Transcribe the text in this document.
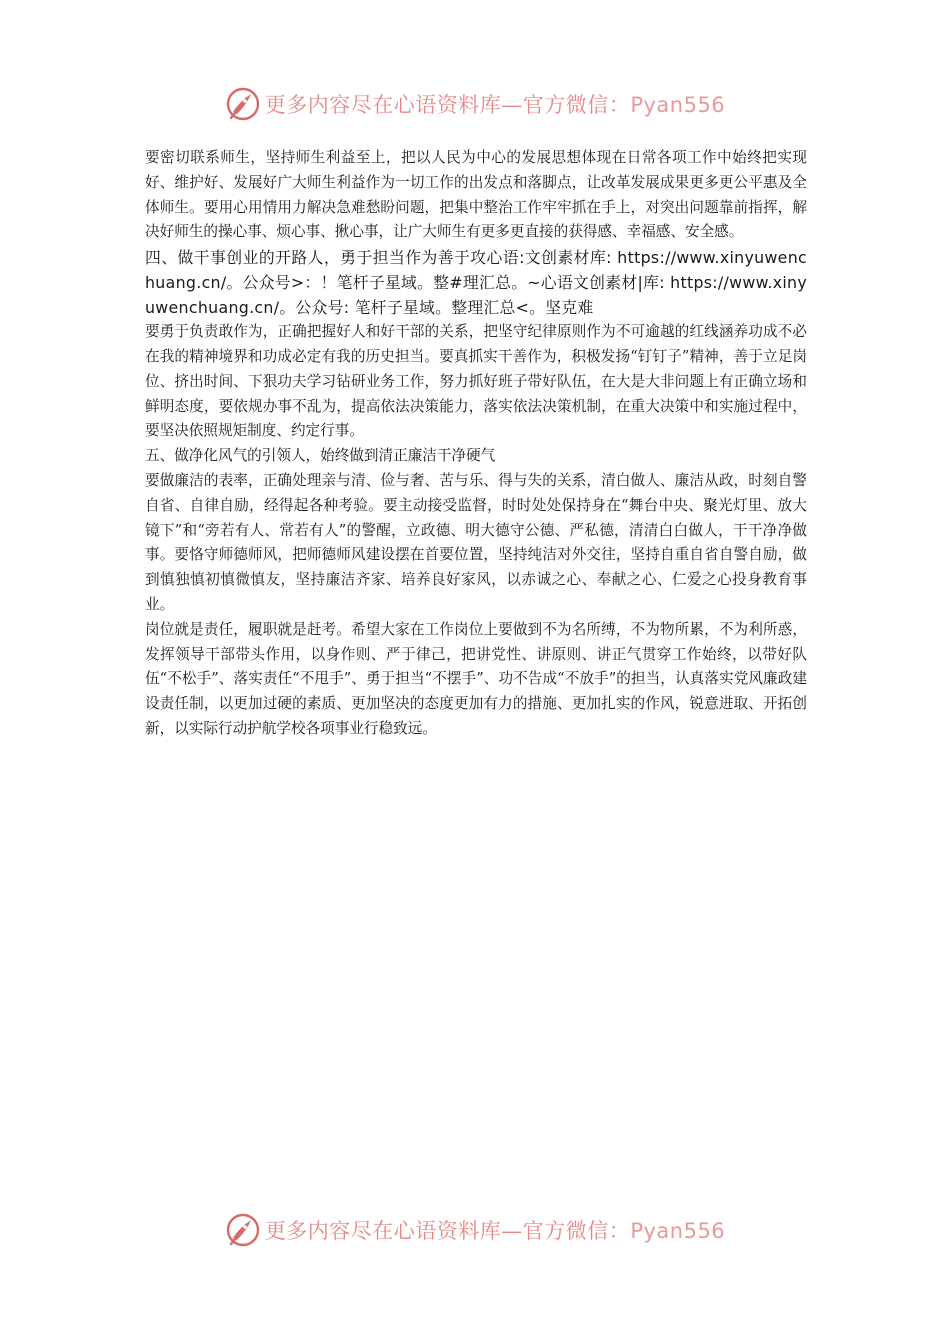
更多内容尽在心语资料库—官方微信：Pyan556

要密切联系师生，坚持师生利益至上，把以人民为中心的发展思想体现在日常各项工作中始终把实现好、维护好、发展好广大师生利益作为一切工作的出发点和落脚点，让改革发展成果更多更公平惠及全体师生。要用心用情用力解决急难愁盼问题，把集中整治工作牢牢抓在手上，对突出问题靠前指挥，解决好师生的操心事、烦心事、揪心事，让广大师生有更多更直接的获得感、幸福感、安全感。

四、做干事创业的开路人，勇于担当作为善于攻心语:文创素材库: https://www.xinyuwenchuang.cn/。公众号>：！笔杆子星域。整#理汇总。~心语文创素材|库: https://www.xinyuwenchuang.cn/。公众号: 笔杆子星域。整理汇总<。坚克难

要勇于负责敢作为，正确把握好人和好干部的关系，把坚守纪律原则作为不可逾越的红线涵养功成不必在我的精神境界和功成必定有我的历史担当。要真抓实干善作为，积极发扬“钉钉子”精神，善于立足岗位、挤出时间、下狠功夫学习钻研业务工作，努力抓好班子带好队伍，在大是大非问题上有正确立场和鲜明态度，要依规办事不乱为，提高依法决策能力，落实依法决策机制，在重大决策中和实施过程中，要坚决依照规矩制度、约定行事。

五、做净化风气的引领人，始终做到清正廉洁干净硬气

要做廉洁的表率，正确处理亲与清、俭与奢、苦与乐、得与失的关系，清白做人、廉洁从政，时刻自警自省、自律自励，经得起各种考验。要主动接受监督，时时处处保持身在“舞台中央、聚光灯里、放大镜下”和“旁若有人、常若有人”的警醒，立政德、明大德守公德、严私德，清清白白做人，干干净净做事。要恪守师德师风，把师德师风建设摆在首要位置，坚持纯洁对外交往，坚持自重自省自警自励，做到慎独慎初慎微慎友，坚持廉洁齐家、培养良好家风，以赤诚之心、奉献之心、仁爱之心投身教育事业。

岗位就是责任，履职就是赶考。希望大家在工作岗位上要做到不为名所缚，不为物所累，不为利所惑，发挥领导干部带头作用，以身作则、严于律己，把讲党性、讲原则、讲正气贯穿工作始终，以带好队伍“不松手”、落实责任“不甩手”、勇于担当“不摆手”、功不告成“不放手”的担当，认真落实党风廉政建设责任制，以更加过硬的素质、更加坚决的态度更加有力的措施、更加扎实的作风，锐意进取、开拓创新，以实际行动护航学校各项事业行稳致远。

更多内容尽在心语资料库—官方微信：Pyan556
